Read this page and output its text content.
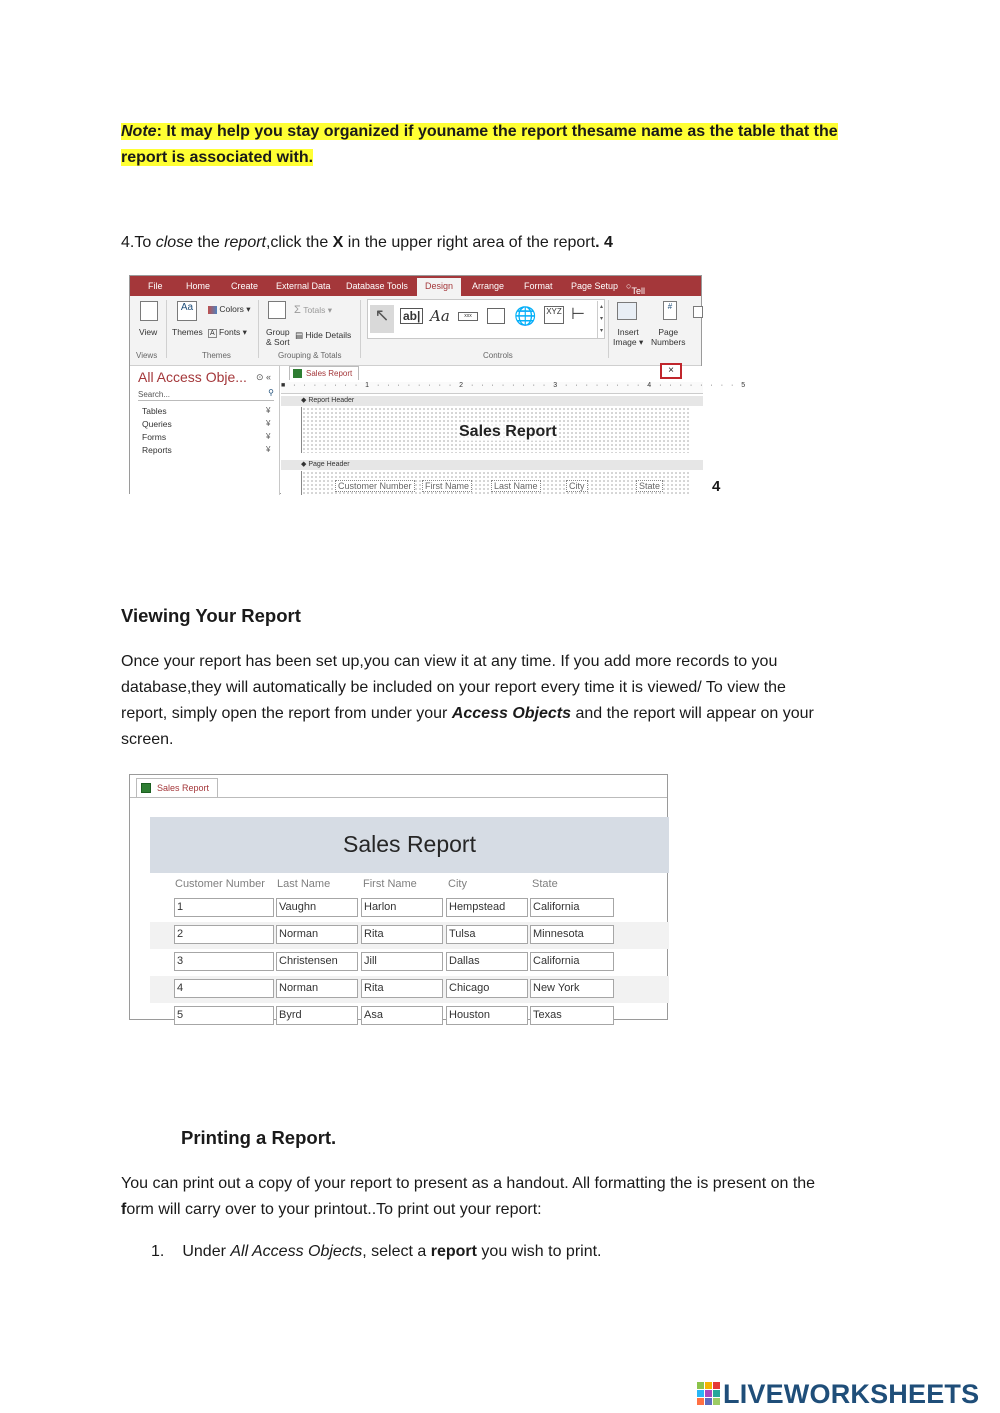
Note: It may help you stay organized if youname the report thesame name as the table that the
report is associated with.
4.To close the report,click the X in the upper right area of the report. 4
File	Home Create External Data Database Tools	Design	Arrange Format Page Setup ○ Tell
View
Views
Aa
Themes
Colors ▾
A Fonts ▾
Themes
Group
& Sort
Σ Totals ▾
▤ Hide Details
Grouping & Totals
↖	ab| Aa	xxx	🌐 XYZ ⊢	▴
▾
▾
Controls
Insert
Image ▾
#
Page
Numbers
All Access Obje... ⊙ «
Search...	⚲
Tables	¥
Queries	¥
Forms	¥
Reports	¥
Sales Report
■ · · · · · · · 1 · · · · · · · · 2 · · · · · · · · 3 · · · · · · · · 4 · · · · · · · · 5
◆ Report Header
Sales Report
◆ Page Header
Customer Number	First Name	Last Name	City	State
×
4
Viewing Your Report
Once your report has been set up,you can view it at any time. If you add more records to you
database,they will automatically be included on your report every time it is viewed/ To view the
report, simply open the report from under your Access Objects and the report will appear on your
screen.
Sales Report
Sales Report
Customer Number Last Name	First Name	City	State
1	Vaughn	Harlon	Hempstead	California
2	Norman	Rita	Tulsa	Minnesota
3	Christensen	Jill	Dallas	California
4	Norman	Rita	Chicago	New York
5	Byrd	Asa	Houston	Texas
Printing a Report.
You can print out a copy of your report to present as a handout. All formatting the is present on the
form will carry over to your printout..To print out your report:
1. Under All Access Objects, select a report you wish to print.
LIVEWORKSHEETS
